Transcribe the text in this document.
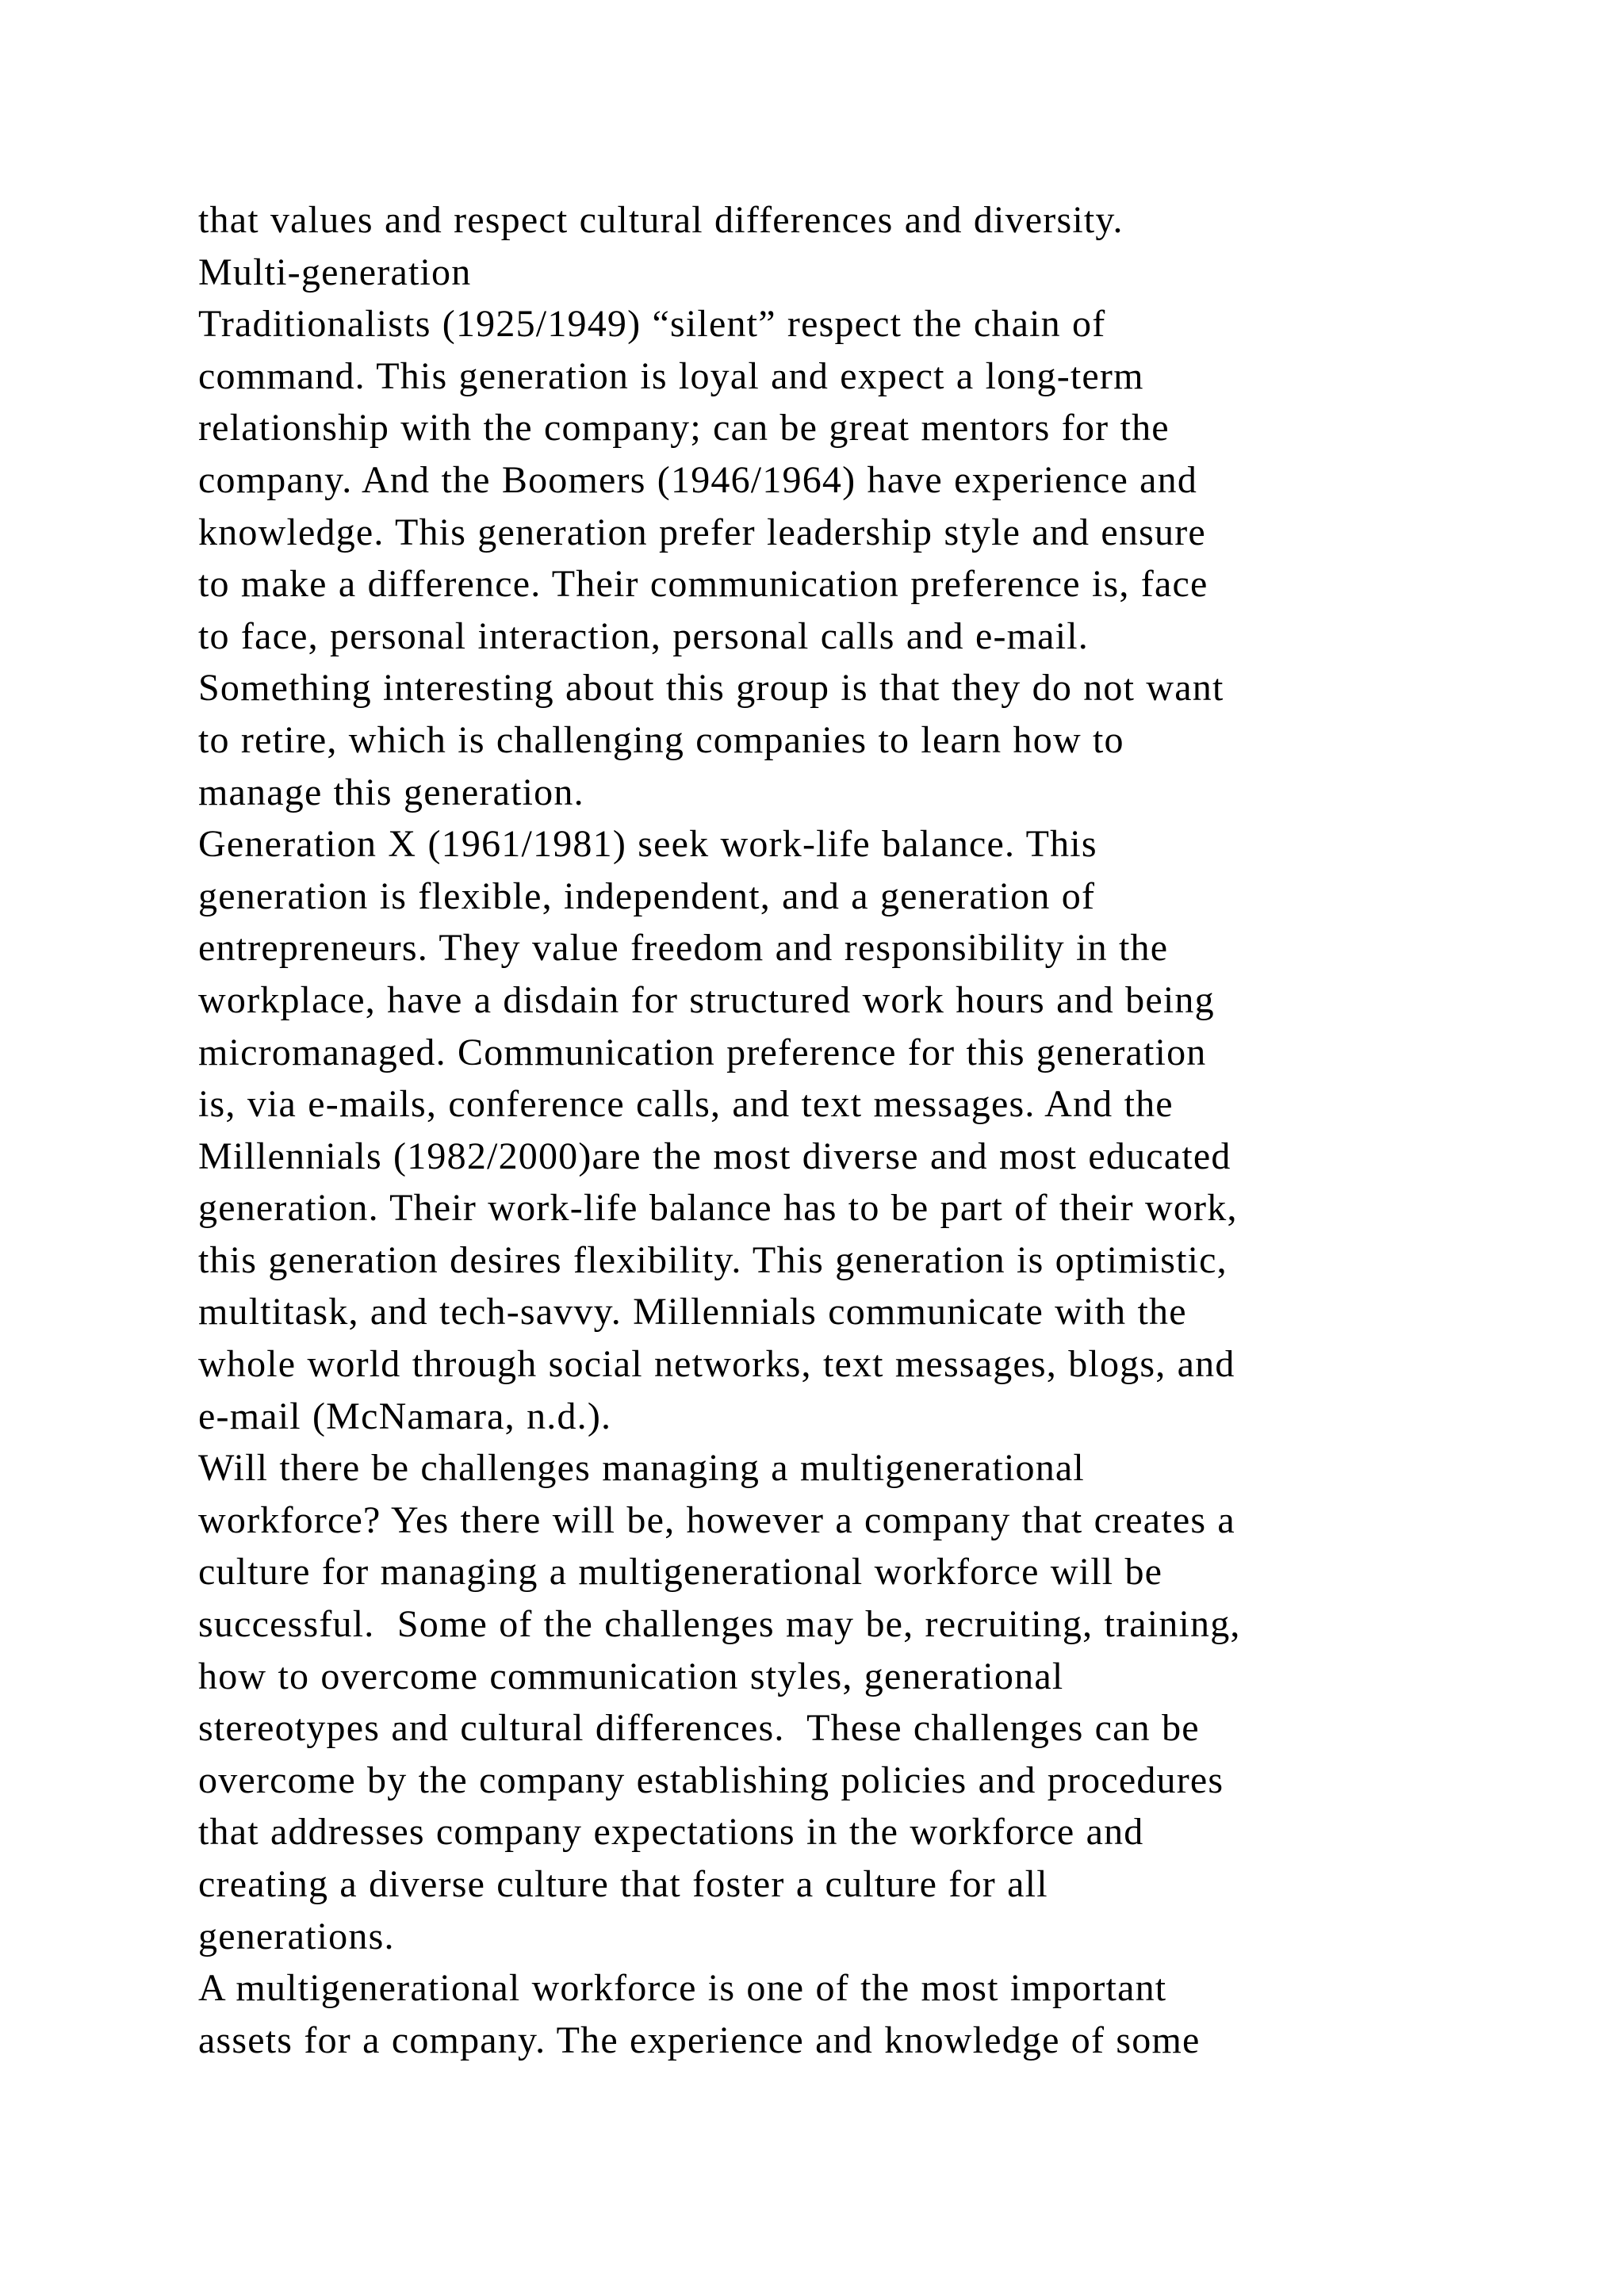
that values and respect cultural differences and diversity.
Multi-generation
Traditionalists (1925/1949) “silent” respect the chain of
command. This generation is loyal and expect a long-term
relationship with the company; can be great mentors for the
company. And the Boomers (1946/1964) have experience and
knowledge. This generation prefer leadership style and ensure
to make a difference. Their communication preference is, face
to face, personal interaction, personal calls and e-mail.
Something interesting about this group is that they do not want
to retire, which is challenging companies to learn how to
manage this generation.
Generation X (1961/1981) seek work-life balance. This
generation is flexible, independent, and a generation of
entrepreneurs. They value freedom and responsibility in the
workplace, have a disdain for structured work hours and being
micromanaged. Communication preference for this generation
is, via e-mails, conference calls, and text messages. And the
Millennials (1982/2000)are the most diverse and most educated
generation. Their work-life balance has to be part of their work,
this generation desires flexibility. This generation is optimistic,
multitask, and tech-savvy. Millennials communicate with the
whole world through social networks, text messages, blogs, and
e-mail (McNamara, n.d.).
Will there be challenges managing a multigenerational
workforce? Yes there will be, however a company that creates a
culture for managing a multigenerational workforce will be
successful.  Some of the challenges may be, recruiting, training,
how to overcome communication styles, generational
stereotypes and cultural differences.  These challenges can be
overcome by the company establishing policies and procedures
that addresses company expectations in the workforce and
creating a diverse culture that foster a culture for all
generations.
A multigenerational workforce is one of the most important
assets for a company. The experience and knowledge of some
